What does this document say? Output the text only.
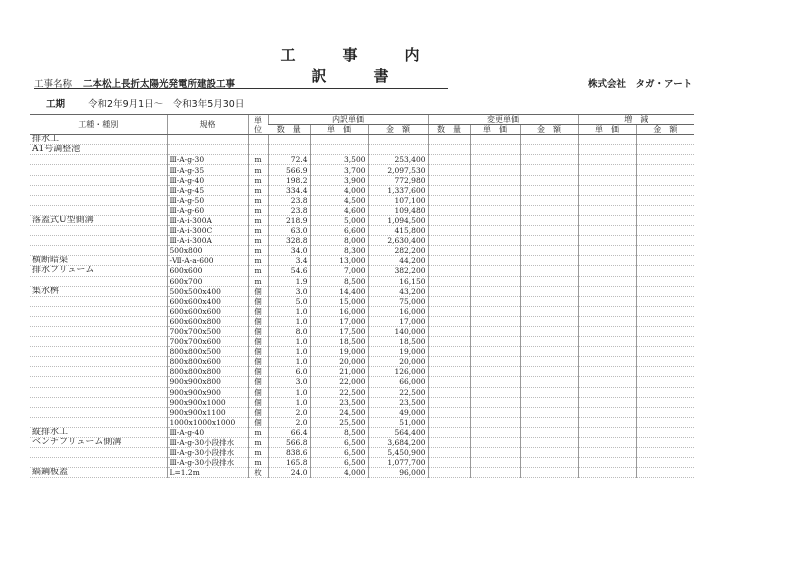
工　事　内　訳　書
工事名称 二本松上長折太陽光発電所建設工事
工期 令和2年9月1日～　令和3年5月30日
株式会社　タガ・アート
工種・種別	規格	単位	内訳単価			変更単価			増　減	
			数　量	単　価	金　額	数　量	単　価	金　額	単　価	金　額
排水工										
A1号調整池										
	Ⅲ-A-g-30	m	72.4	3,500	253,400					
	Ⅲ-A-g-35	m	566.9	3,700	2,097,530					
	Ⅲ-A-g-40	m	198.2	3,900	772,980					
	Ⅲ-A-g-45	m	334.4	4,000	1,337,600					
	Ⅲ-A-g-50	m	23.8	4,500	107,100					
	Ⅲ-A-g-60	m	23.8	4,600	109,480					
落蓋式U型側溝	Ⅲ-A-i-300A	m	218.9	5,000	1,094,500					
	Ⅲ-A-i-300C	m	63.0	6,600	415,800					
	Ⅲ-A-i-300A	m	328.8	8,000	2,630,400					
	500x800	m	34.0	8,300	282,200					
横断暗渠	-Ⅶ-A-a-600	m	3.4	13,000	44,200					
排水フリューム	600x600	m	54.6	7,000	382,200					
	600x700	m	1.9	8,500	16,150					
集水桝	500x500x400	個	3.0	14,400	43,200					
	600x600x400	個	5.0	15,000	75,000					
	600x600x600	個	1.0	16,000	16,000					
	600x600x800	個	1.0	17,000	17,000					
	700x700x500	個	8.0	17,500	140,000					
	700x700x600	個	1.0	18,500	18,500					
	800x800x500	個	1.0	19,000	19,000					
	800x800x600	個	1.0	20,000	20,000					
	800x800x800	個	6.0	21,000	126,000					
	900x900x800	個	3.0	22,000	66,000					
	900x900x900	個	1.0	22,500	22,500					
	900x900x1000	個	1.0	23,500	23,500					
	900x900x1100	個	2.0	24,500	49,000					
	1000x1000x1000	個	2.0	25,500	51,000					
縦排水工	Ⅲ-A-g-40	m	66.4	8,500	564,400					
ベンチフリューム側溝	Ⅲ-A-g-30小段排水	m	566.8	6,500	3,684,200					
	Ⅲ-A-g-30小段排水	m	838.6	6,500	5,450,900					
	Ⅲ-A-g-30小段排水	m	165.8	6,500	1,077,700					
縞鋼板蓋	L=1.2m	枚	24.0	4,000	96,000					
